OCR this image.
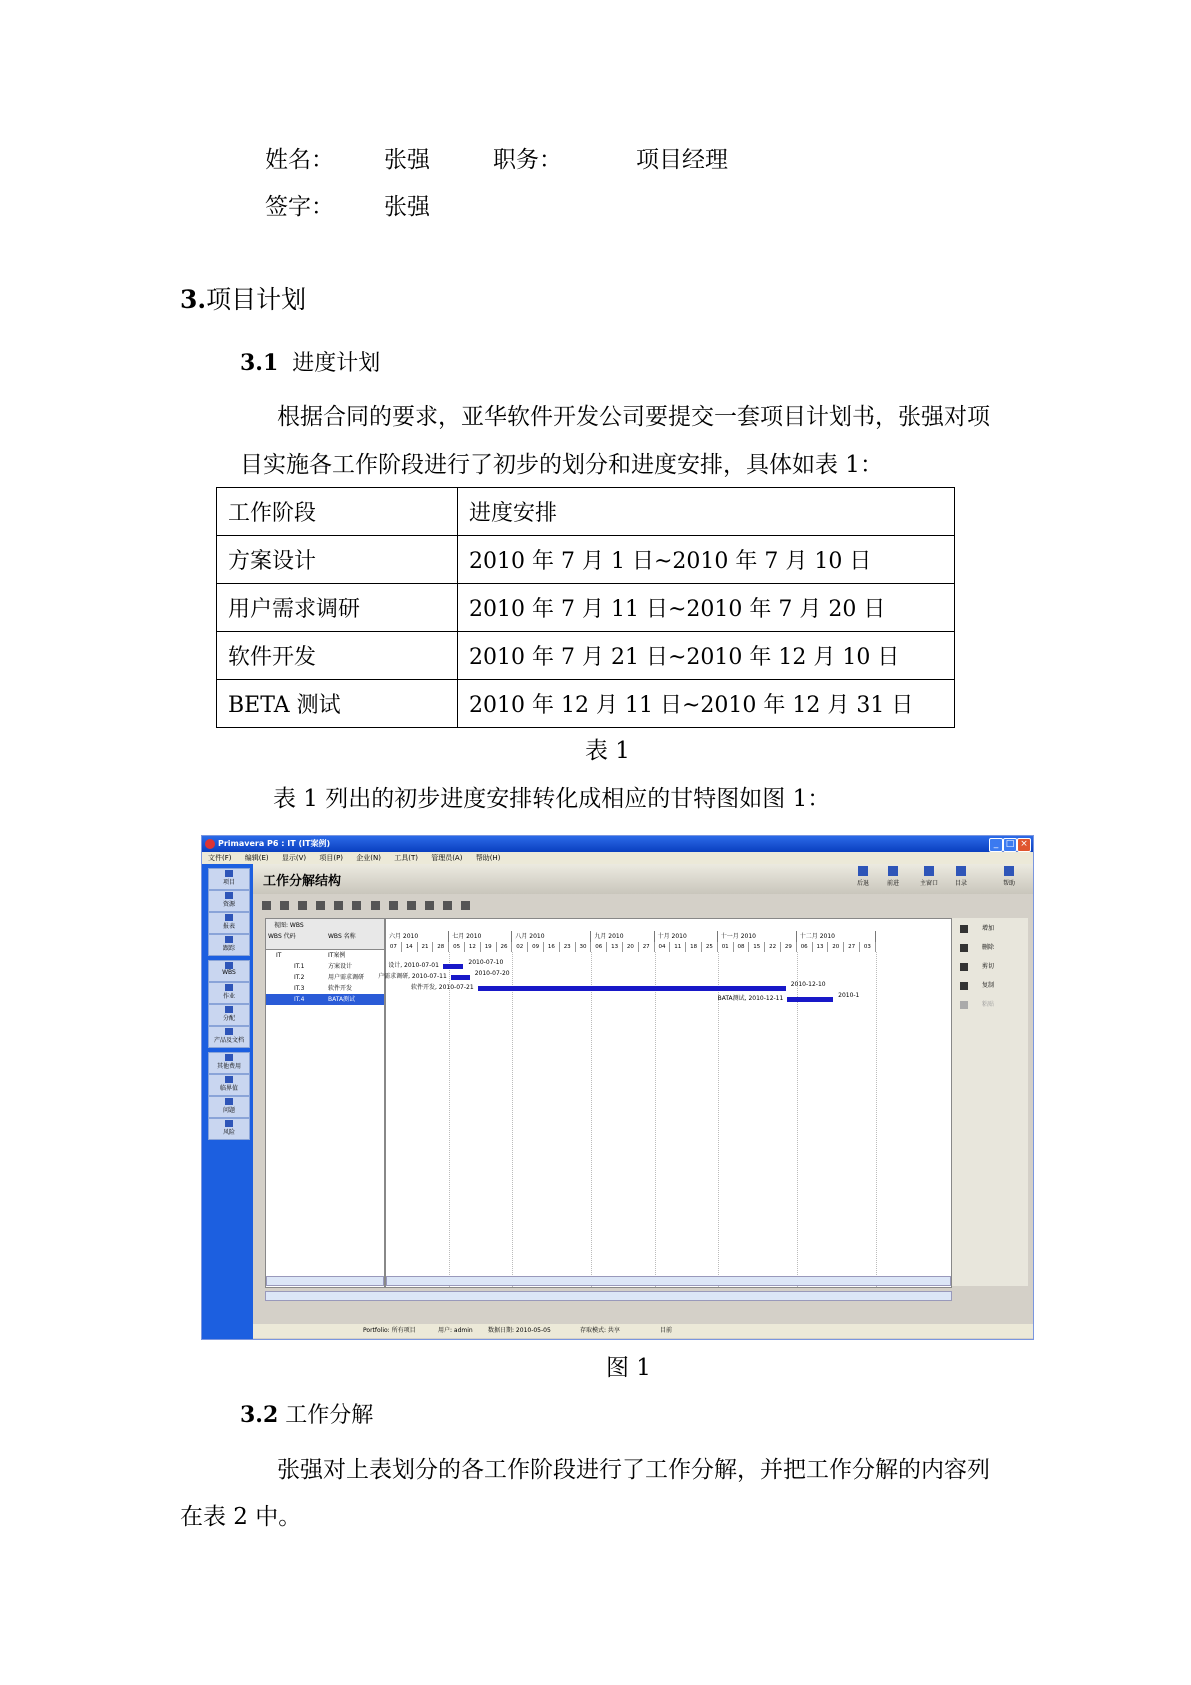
姓名： 张强	职务：	项目经理
签字： 张强
3.项目计划
3.1 进度计划
根据合同的要求，亚华软件开发公司要提交一套项目计划书，张强对项
目实施各工作阶段进行了初步的划分和进度安排，具体如表 1：
工作阶段	进度安排
方案设计	2010 年 7 月 1 日~2010 年 7 月 10 日
用户需求调研	2010 年 7 月 11 日~2010 年 7 月 20 日
软件开发	2010 年 7 月 21 日~2010 年 12 月 10 日
BETA 测试	2010 年 12 月 11 日~2010 年 12 月 31 日
表 1
表 1 列出的初步进度安排转化成相应的甘特图如图 1：
Primavera P6 : IT (IT案例)	_ □ ×
文件(F) 编辑(E) 显示(V) 项目(P) 企业(N) 工具(T) 管理员(A) 帮助(H)
项目
资源
报表
跟踪
WBS
作业
分配
产品及文档
其他费用
临界值
问题
风险
工作分解结构	后退	前进	主窗口	目录	帮助

视图: WBS
WBS 代码	WBS 名称
IT	IT案例
IT.1	方案设计
IT.2	用户需求调研
IT.3	软件开发
IT.4	BATA测试
六月 2010	七月 2010	八月 2010	九月 2010	十月 2010	十一月 2010	十二月 2010
07	14	21	28	05	12	19	26	02	09	16	23	30	06	13	20	27	04	11	18	25	01	08	15	22	29	06	13	20	27	03
设计, 2010-07-01	2010-07-10
户需求调研, 2010-07-11	2010-07-20
软件开发, 2010-07-21	2010-12-10
BATA测试, 2010-12-11	2010-1
增加
删除
剪切
复制
粘贴
Portfolio: 所有项目	用户: admin	数据日期: 2010-05-05	存取模式: 共享	目前
图 1
3.2 工作分解
张强对上表划分的各工作阶段进行了工作分解，并把工作分解的内容列
在表 2 中。
